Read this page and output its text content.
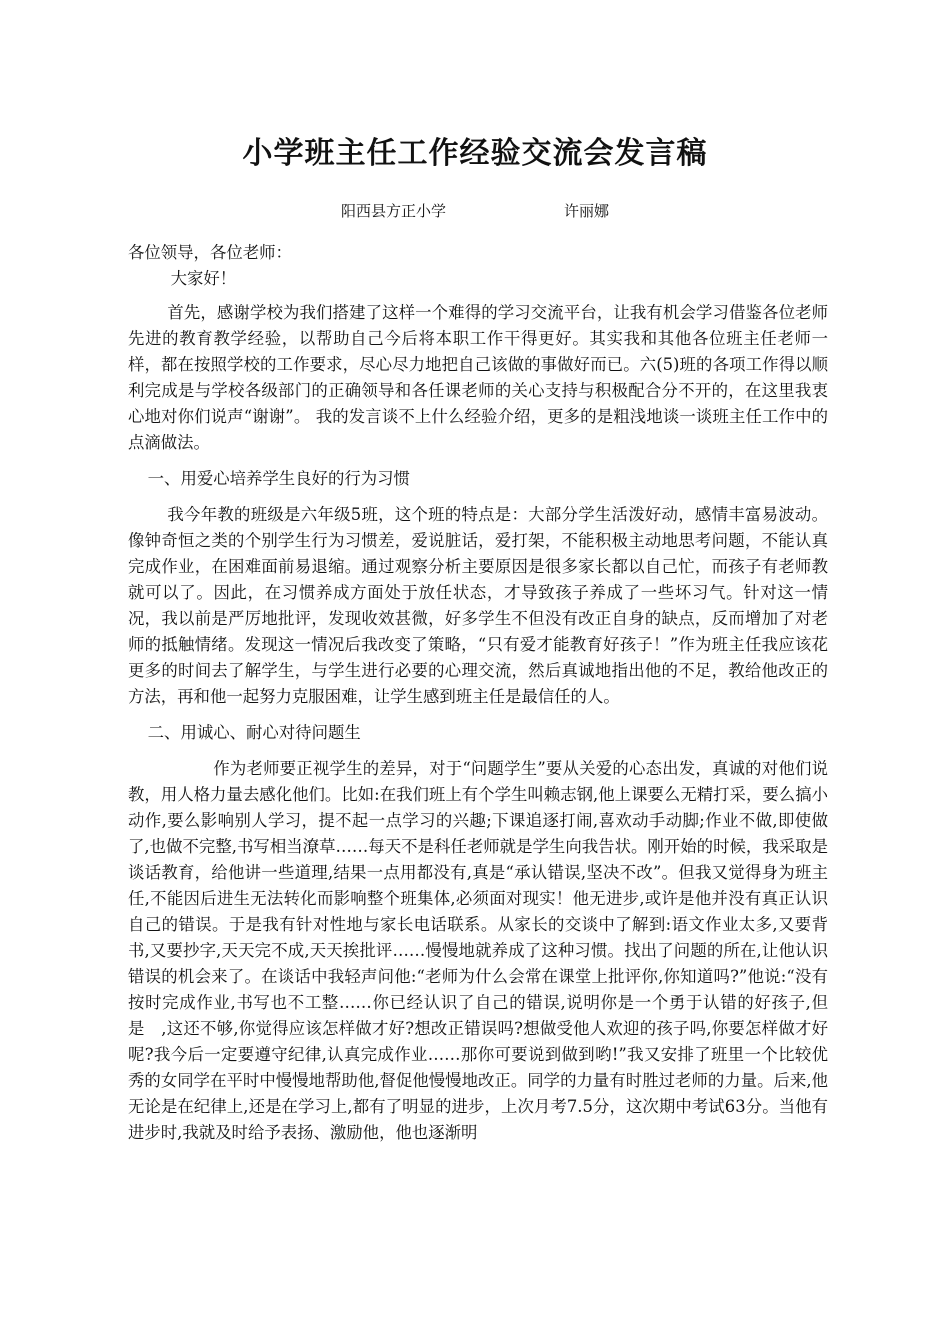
小学班主任工作经验交流会发言稿
阳西县方正小学	许丽娜

各位领导，各位老师：

大家好！

首先，感谢学校为我们搭建了这样一个难得的学习交流平台，让我有机会学习借鉴各位老师先进的教育教学经验，以帮助自己今后将本职工作干得更好。其实我和其他各位班主任老师一样，都在按照学校的工作要求，尽心尽力地把自己该做的事做好而已。六(5)班的各项工作得以顺利完成是与学校各级部门的正确领导和各任课老师的关心支持与积极配合分不开的，在这里我衷心地对你们说声“谢谢”。 我的发言谈不上什么经验介绍，更多的是粗浅地谈一谈班主任工作中的点滴做法。

一、用爱心培养学生良好的行为习惯

我今年教的班级是六年级5班，这个班的特点是：大部分学生活泼好动，感情丰富易波动。像钟奇恒之类的个别学生行为习惯差，爱说脏话，爱打架，不能积极主动地思考问题，不能认真完成作业，在困难面前易退缩。通过观察分析主要原因是很多家长都以自己忙，而孩子有老师教就可以了。因此，在习惯养成方面处于放任状态，才导致孩子养成了一些坏习气。针对这一情况，我以前是严厉地批评，发现收效甚微，好多学生不但没有改正自身的缺点，反而增加了对老师的抵触情绪。发现这一情况后我改变了策略，“只有爱才能教育好孩子！”作为班主任我应该花更多的时间去了解学生，与学生进行必要的心理交流，然后真诚地指出他的不足，教给他改正的方法，再和他一起努力克服困难，让学生感到班主任是最信任的人。

二、用诚心、耐心对待问题生

作为老师要正视学生的差异，对于“问题学生”要从关爱的心态出发，真诚的对他们说教，用人格力量去感化他们。比如:在我们班上有个学生叫赖志钢,他上课要么无精打采，要么搞小动作,要么影响别人学习，提不起一点学习的兴趣;下课追逐打闹,喜欢动手动脚;作业不做,即使做了,也做不完整,书写相当潦草……每天不是科任老师就是学生向我告状。刚开始的时候，我采取是谈话教育，给他讲一些道理,结果一点用都没有,真是“承认错误,坚决不改”。但我又觉得身为班主任,不能因后进生无法转化而影响整个班集体,必须面对现实！他无进步,或许是他并没有真正认识自己的错误。于是我有针对性地与家长电话联系。从家长的交谈中了解到:语文作业太多,又要背书,又要抄字,天天完不成,天天挨批评……慢慢地就养成了这种习惯。找出了问题的所在,让他认识错误的机会来了。在谈话中我轻声问他:“老师为什么会常在课堂上批评你,你知道吗?”他说:“没有按时完成作业,书写也不工整……你已经认识了自己的错误,说明你是一个勇于认错的好孩子,但是　,这还不够,你觉得应该怎样做才好?想改正错误吗?想做受他人欢迎的孩子吗,你要怎样做才好呢?我今后一定要遵守纪律,认真完成作业……那你可要说到做到哟!”我又安排了班里一个比较优秀的女同学在平时中慢慢地帮助他,督促他慢慢地改正。同学的力量有时胜过老师的力量。后来,他无论是在纪律上,还是在学习上,都有了明显的进步，上次月考7.5分，这次期中考试63分。当他有进步时,我就及时给予表扬、激励他，他也逐渐明
